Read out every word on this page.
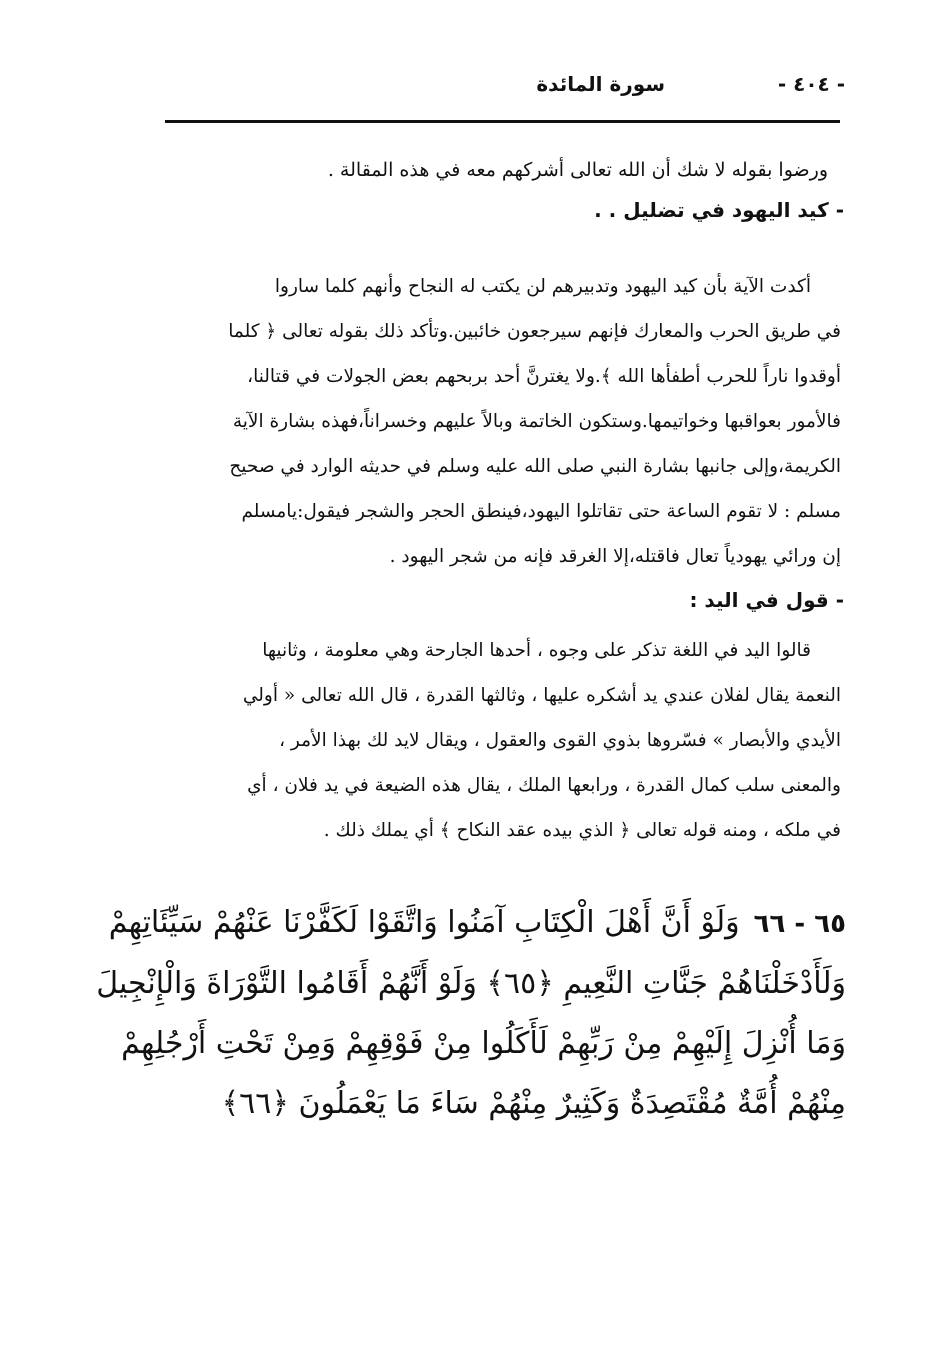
- ٤٠٤ -
سورة المائدة
ورضوا بقوله لا شك أن الله تعالى أشركهم معه في هذه المقالة .
- كيد اليهود في تضليل . .
أكدت الآية بأن كيد اليهود وتدبيرهم لن يكتب له النجاح وأنهم كلما ساروا
في طريق الحرب والمعارك فإنهم سيرجعون خائبين.وتأكد ذلك بقوله تعالى ﴿ كلما
أوقدوا ناراً للحرب أطفأها الله ﴾.ولا يغترنَّ أحد بربحهم بعض الجولات في قتالنا،
فالأمور بعواقبها وخواتيمها.وستكون الخاتمة وبالاً عليهم وخسراناً،فهذه بشارة الآية
الكريمة،وإلى جانبها بشارة النبي صلى الله عليه وسلم في حديثه الوارد في صحيح
مسلم : لا تقوم الساعة حتى تقاتلوا اليهود،فينطق الحجر والشجر فيقول:يامسلم
إن ورائي يهودياً تعال فاقتله،إلا الغرقد فإنه من شجر اليهود .
- قول في اليد :
قالوا اليد في اللغة تذكر على وجوه ، أحدها الجارحة وهي معلومة ، وثانيها
النعمة يقال لفلان عندي يد أشكره عليها ، وثالثها القدرة ، قال الله تعالى « أولي
الأيدي والأبصار » فسّروها بذوي القوى والعقول ، ويقال لايد لك بهذا الأمر ،
والمعنى سلب كمال القدرة ، ورابعها الملك ، يقال هذه الضيعة في يد فلان ، أي
في ملكه ، ومنه قوله تعالى ﴿ الذي بيده عقد النكاح ﴾ أي يملك ذلك .
٦٥ - ٦٦وَلَوْ أَنَّ أَهْلَ الْكِتَابِ آمَنُوا وَاتَّقَوْا لَكَفَّرْنَا عَنْهُمْ سَيِّئَاتِهِمْ
وَلَأَدْخَلْنَاهُمْ جَنَّاتِ النَّعِيمِ ﴿٦٥﴾ وَلَوْ أَنَّهُمْ أَقَامُوا التَّوْرَاةَ وَالْإِنْجِيلَ
وَمَا أُنْزِلَ إِلَيْهِمْ مِنْ رَبِّهِمْ لَأَكَلُوا مِنْ فَوْقِهِمْ وَمِنْ تَحْتِ أَرْجُلِهِمْ
مِنْهُمْ أُمَّةٌ مُقْتَصِدَةٌ وَكَثِيرٌ مِنْهُمْ سَاءَ مَا يَعْمَلُونَ ﴿٦٦﴾
